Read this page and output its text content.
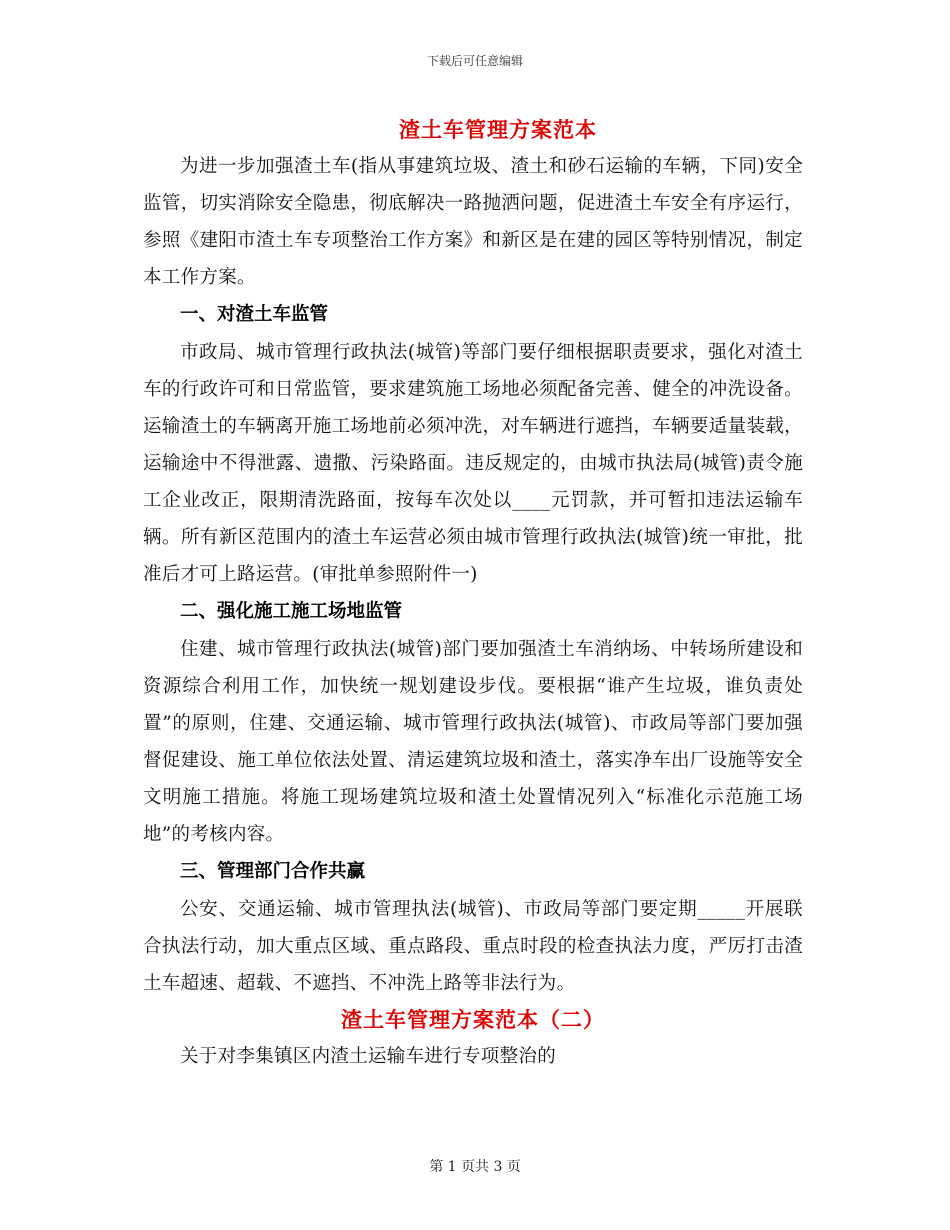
下载后可任意编辑
渣土车管理方案范本

为进一步加强渣土车(指从事建筑垃圾、渣土和砂石运输的车辆，下同)安全监管，切实消除安全隐患，彻底解决一路抛洒问题，促进渣土车安全有序运行，参照《建阳市渣土车专项整治工作方案》和新区是在建的园区等特别情况，制定本工作方案。

一、对渣土车监管

市政局、城市管理行政执法(城管)等部门要仔细根据职责要求，强化对渣土车的行政许可和日常监管，要求建筑施工场地必须配备完善、健全的冲洗设备。运输渣土的车辆离开施工场地前必须冲洗，对车辆进行遮挡，车辆要适量装载，运输途中不得泄露、遗撒、污染路面。违反规定的，由城市执法局(城管)责令施工企业改正，限期清洗路面，按每车次处以____元罚款，并可暂扣违法运输车辆。所有新区范围内的渣土车运营必须由城市管理行政执法(城管)统一审批，批准后才可上路运营。(审批单参照附件一)

二、强化施工施工场地监管

住建、城市管理行政执法(城管)部门要加强渣土车消纳场、中转场所建设和资源综合利用工作，加快统一规划建设步伐。要根据“谁产生垃圾，谁负责处置”的原则，住建、交通运输、城市管理行政执法(城管)、市政局等部门要加强督促建设、施工单位依法处置、清运建筑垃圾和渣土，落实净车出厂设施等安全文明施工措施。将施工现场建筑垃圾和渣土处置情况列入“标准化示范施工场地”的考核内容。

三、管理部门合作共赢

公安、交通运输、城市管理执法(城管)、市政局等部门要定期_____开展联合执法行动，加大重点区域、重点路段、重点时段的检查执法力度，严厉打击渣土车超速、超载、不遮挡、不冲洗上路等非法行为。

渣土车管理方案范本（二）

关于对李集镇区内渣土运输车进行专项整治的

第 1 页共 3 页
